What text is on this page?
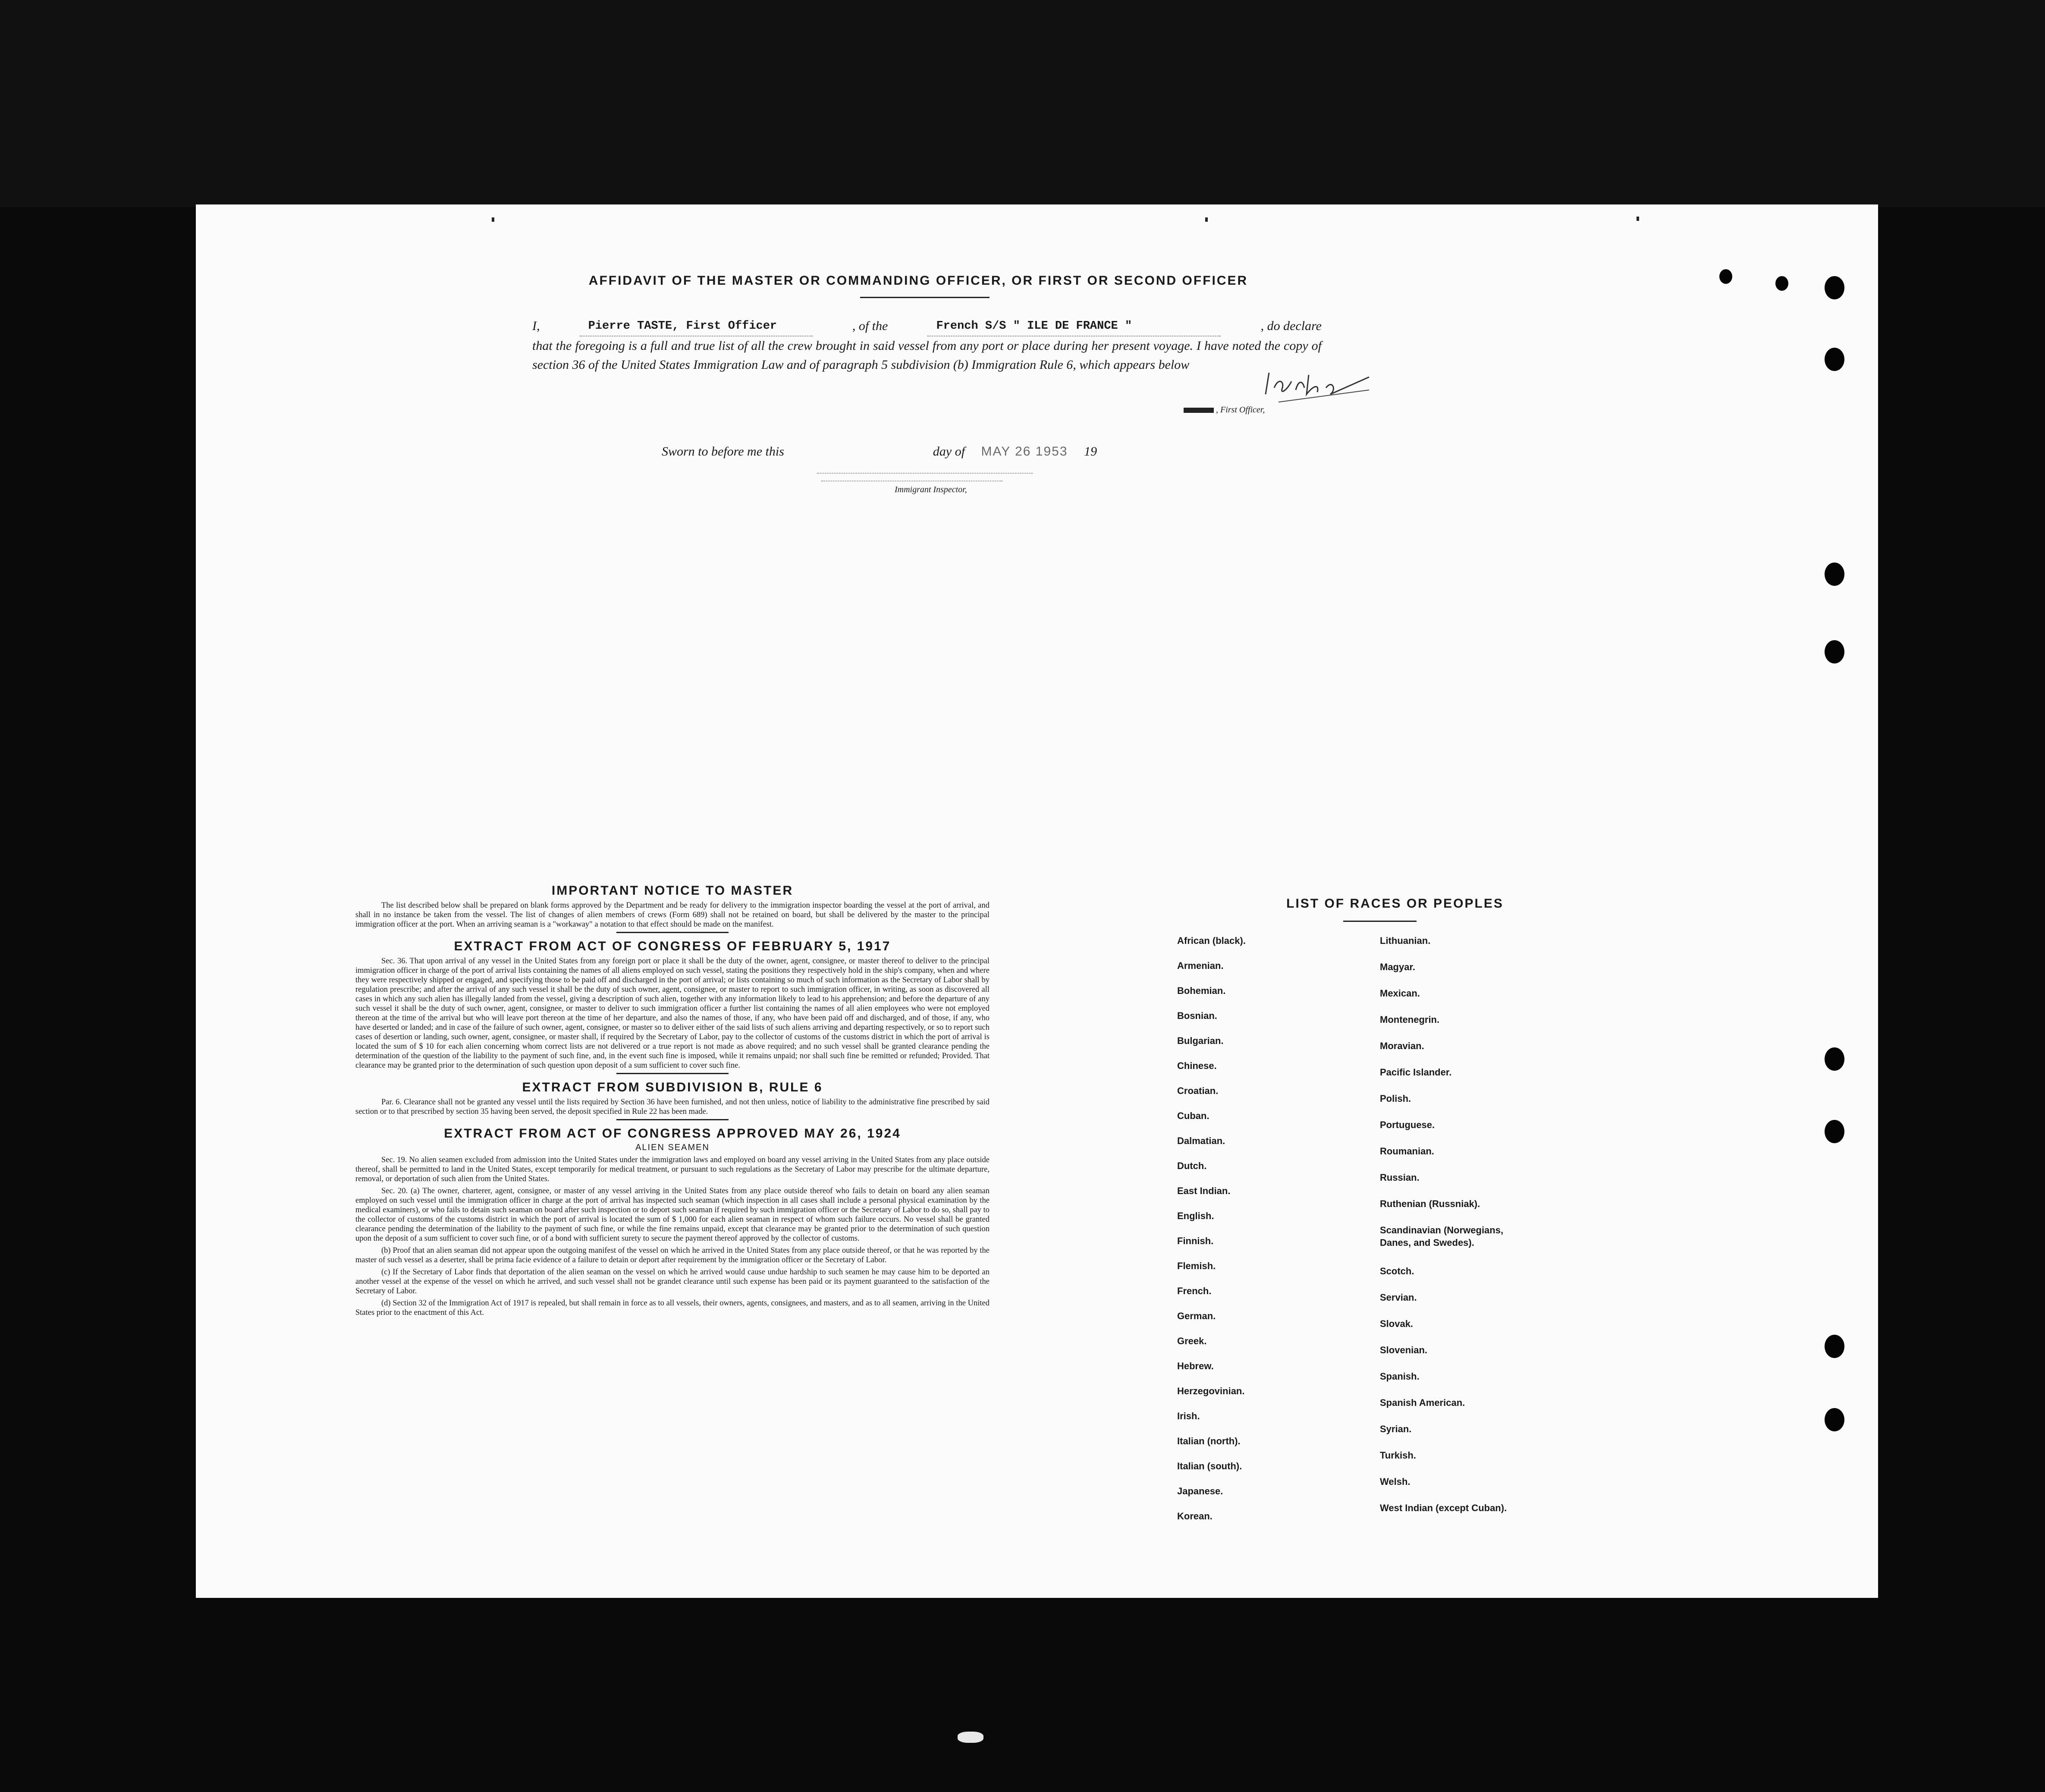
AFFIDAVIT OF THE MASTER OR COMMANDING OFFICER, OR FIRST OR SECOND OFFICER
I,	Pierre TASTE, First Officer	, of the	French S/S " ILE DE FRANCE "	, do declare
that the foregoing is a full and true list of all the crew brought in said vessel from any port or place during her present voyage. I have noted the copy of section 36 of the United States Immigration Law and of paragraph 5 subdivision (b) Immigration Rule 6, which appears below
, First Officer,
Sworn to before me this	day of MAY 26 1953 19
Immigrant Inspector,
IMPORTANT NOTICE TO MASTER
The list described below shall be prepared on blank forms approved by the Department and be ready for delivery to the immigration inspector boarding the vessel at the port of arrival, and shall in no instance be taken from the vessel. The list of changes of alien members of crews (Form 689) shall not be retained on board, but shall be delivered by the master to the principal immigration officer at the port. When an arriving seaman is a "workaway" a notation to that effect should be made on the manifest.
EXTRACT FROM ACT OF CONGRESS OF FEBRUARY 5, 1917
Sec. 36. That upon arrival of any vessel in the United States from any foreign port or place it shall be the duty of the owner, agent, consignee, or master thereof to deliver to the principal immigration officer in charge of the port of arrival lists containing the names of all aliens employed on such vessel, stating the positions they respectively hold in the ship's company, when and where they were respectively shipped or engaged, and specifying those to be paid off and discharged in the port of arrival; or lists containing so much of such information as the Secretary of Labor shall by regulation prescribe; and after the arrival of any such vessel it shall be the duty of such owner, agent, consignee, or master to report to such immigration officer, in writing, as soon as discovered all cases in which any such alien has illegally landed from the vessel, giving a description of such alien, together with any information likely to lead to his apprehension; and before the departure of any such vessel it shall be the duty of such owner, agent, consignee, or master to deliver to such immigration officer a further list containing the names of all alien employees who were not employed thereon at the time of the arrival but who will leave port thereon at the time of her departure, and also the names of those, if any, who have been paid off and discharged, and of those, if any, who have deserted or landed; and in case of the failure of such owner, agent, consignee, or master so to deliver either of the said lists of such aliens arriving and departing respectively, or so to report such cases of desertion or landing, such owner, agent, consignee, or master shall, if required by the Secretary of Labor, pay to the collector of customs of the customs district in which the port of arrival is located the sum of $ 10 for each alien concerning whom correct lists are not delivered or a true report is not made as above required; and no such vessel shall be granted clearance pending the determination of the question of the liability to the payment of such fine, and, in the event such fine is imposed, while it remains unpaid; nor shall such fine be remitted or refunded; Provided. That clearance may be granted prior to the determination of such question upon deposit of a sum sufficient to cover such fine.
EXTRACT FROM SUBDIVISION B, RULE 6
Par. 6. Clearance shall not be granted any vessel until the lists required by Section 36 have been furnished, and not then unless, notice of liability to the administrative fine prescribed by said section or to that prescribed by section 35 having been served, the deposit specified in Rule 22 has been made.
EXTRACT FROM ACT OF CONGRESS APPROVED MAY 26, 1924
ALIEN SEAMEN
Sec. 19. No alien seamen excluded from admission into the United States under the immigration laws and employed on board any vessel arriving in the United States from any place outside thereof, shall be permitted to land in the United States, except temporarily for medical treatment, or pursuant to such regulations as the Secretary of Labor may prescribe for the ultimate departure, removal, or deportation of such alien from the United States.
Sec. 20. (a) The owner, charterer, agent, consignee, or master of any vessel arriving in the United States from any place outside thereof who fails to detain on board any alien seaman employed on such vessel until the immigration officer in charge at the port of arrival has inspected such seaman (which inspection in all cases shall include a personal physical examination by the medical examiners), or who fails to detain such seaman on board after such inspection or to deport such seaman if required by such immigration officer or the Secretary of Labor to do so, shall pay to the collector of customs of the customs district in which the port of arrival is located the sum of $ 1,000 for each alien seaman in respect of whom such failure occurs. No vessel shall be granted clearance pending the determination of the liability to the payment of such fine, or while the fine remains unpaid, except that clearance may be granted prior to the determination of such question upon the deposit of a sum sufficient to cover such fine, or of a bond with sufficient surety to secure the payment thereof approved by the collector of customs.
(b) Proof that an alien seaman did not appear upon the outgoing manifest of the vessel on which he arrived in the United States from any place outside thereof, or that he was reported by the master of such vessel as a deserter, shall be prima facie evidence of a failure to detain or deport after requirement by the immigration officer or the Secretary of Labor.
(c) If the Secretary of Labor finds that deportation of the alien seaman on the vessel on which he arrived would cause undue hardship to such seamen he may cause him to be deported an another vessel at the expense of the vessel on which he arrived, and such vessel shall not be grandet clearance until such expense has been paid or its payment guaranteed to the satisfaction of the Secretary of Labor.
(d) Section 32 of the Immigration Act of 1917 is repealed, but shall remain in force as to all vessels, their owners, agents, consignees, and masters, and as to all seamen, arriving in the United States prior to the enactment of this Act.
LIST OF RACES OR PEOPLES
African (black).
Armenian.
Bohemian.
Bosnian.
Bulgarian.
Chinese.
Croatian.
Cuban.
Dalmatian.
Dutch.
East Indian.
English.
Finnish.
Flemish.
French.
German.
Greek.
Hebrew.
Herzegovinian.
Irish.
Italian (north).
Italian (south).
Japanese.
Korean.
Lithuanian.
Magyar.
Mexican.
Montenegrin.
Moravian.
Pacific Islander.
Polish.
Portuguese.
Roumanian.
Russian.
Ruthenian (Russniak).
Scandinavian (Norwegians, Danes, and Swedes).
Scotch.
Servian.
Slovak.
Slovenian.
Spanish.
Spanish American.
Syrian.
Turkish.
Welsh.
West Indian (except Cuban).
